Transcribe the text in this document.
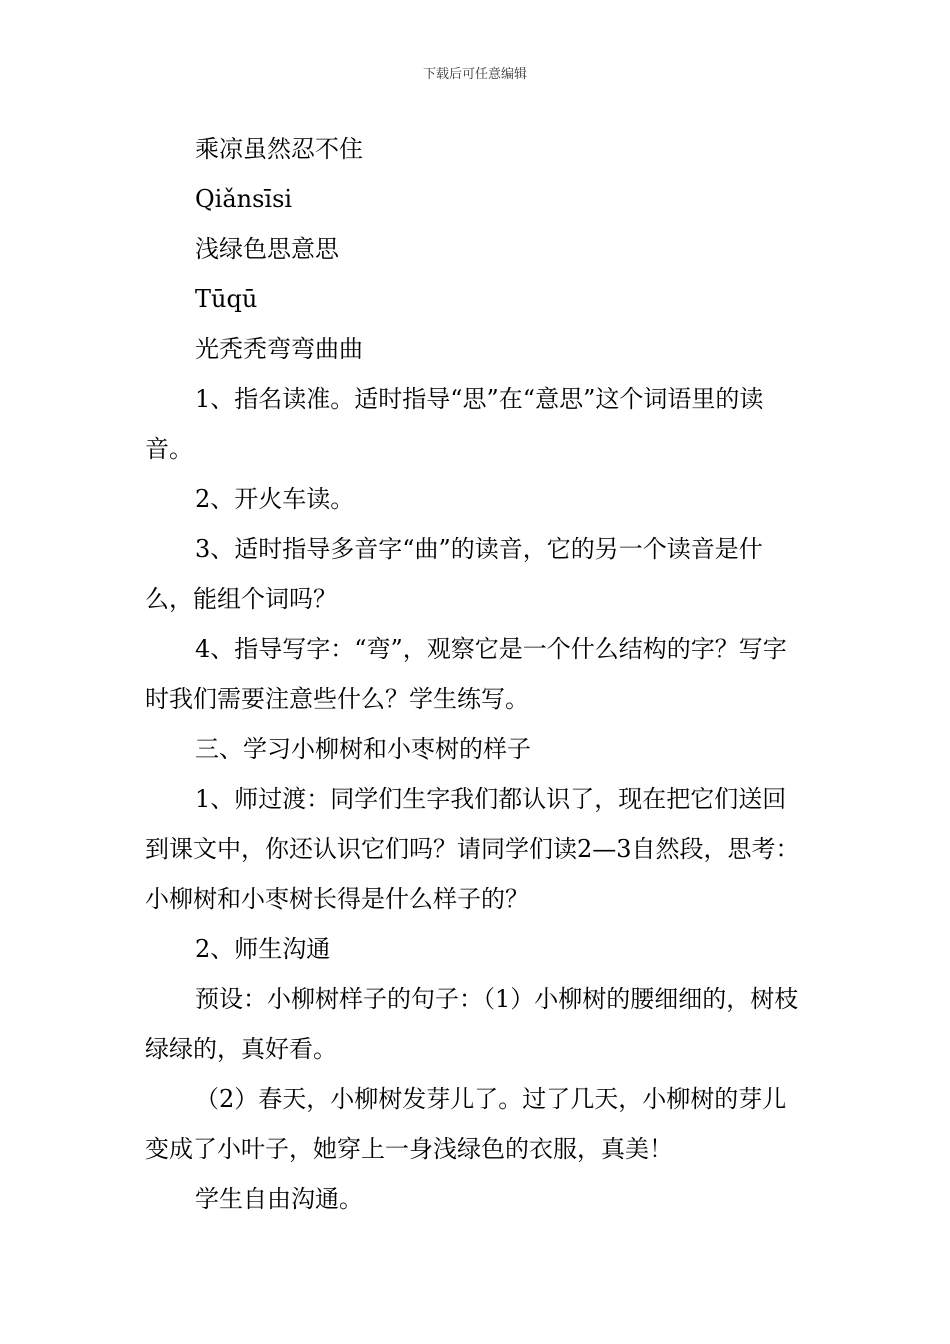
下载后可任意编辑

乘凉虽然忍不住

Qiǎnsīsi

浅绿色思意思

Tūqū

光秃秃弯弯曲曲

1、指名读准。适时指导“思”在“意思”这个词语里的读音。

2、开火车读。

3、适时指导多音字“曲”的读音，它的另一个读音是什么，能组个词吗？

4、指导写字：“弯”，观察它是一个什么结构的字？写字时我们需要注意些什么？学生练写。

三、学习小柳树和小枣树的样子

1、师过渡：同学们生字我们都认识了，现在把它们送回到课文中，你还认识它们吗？请同学们读2—3自然段，思考：小柳树和小枣树长得是什么样子的？

2、师生沟通

预设：小柳树样子的句子：（1）小柳树的腰细细的，树枝绿绿的，真好看。

（2）春天，小柳树发芽儿了。过了几天，小柳树的芽儿变成了小叶子，她穿上一身浅绿色的衣服，真美！

学生自由沟通。
